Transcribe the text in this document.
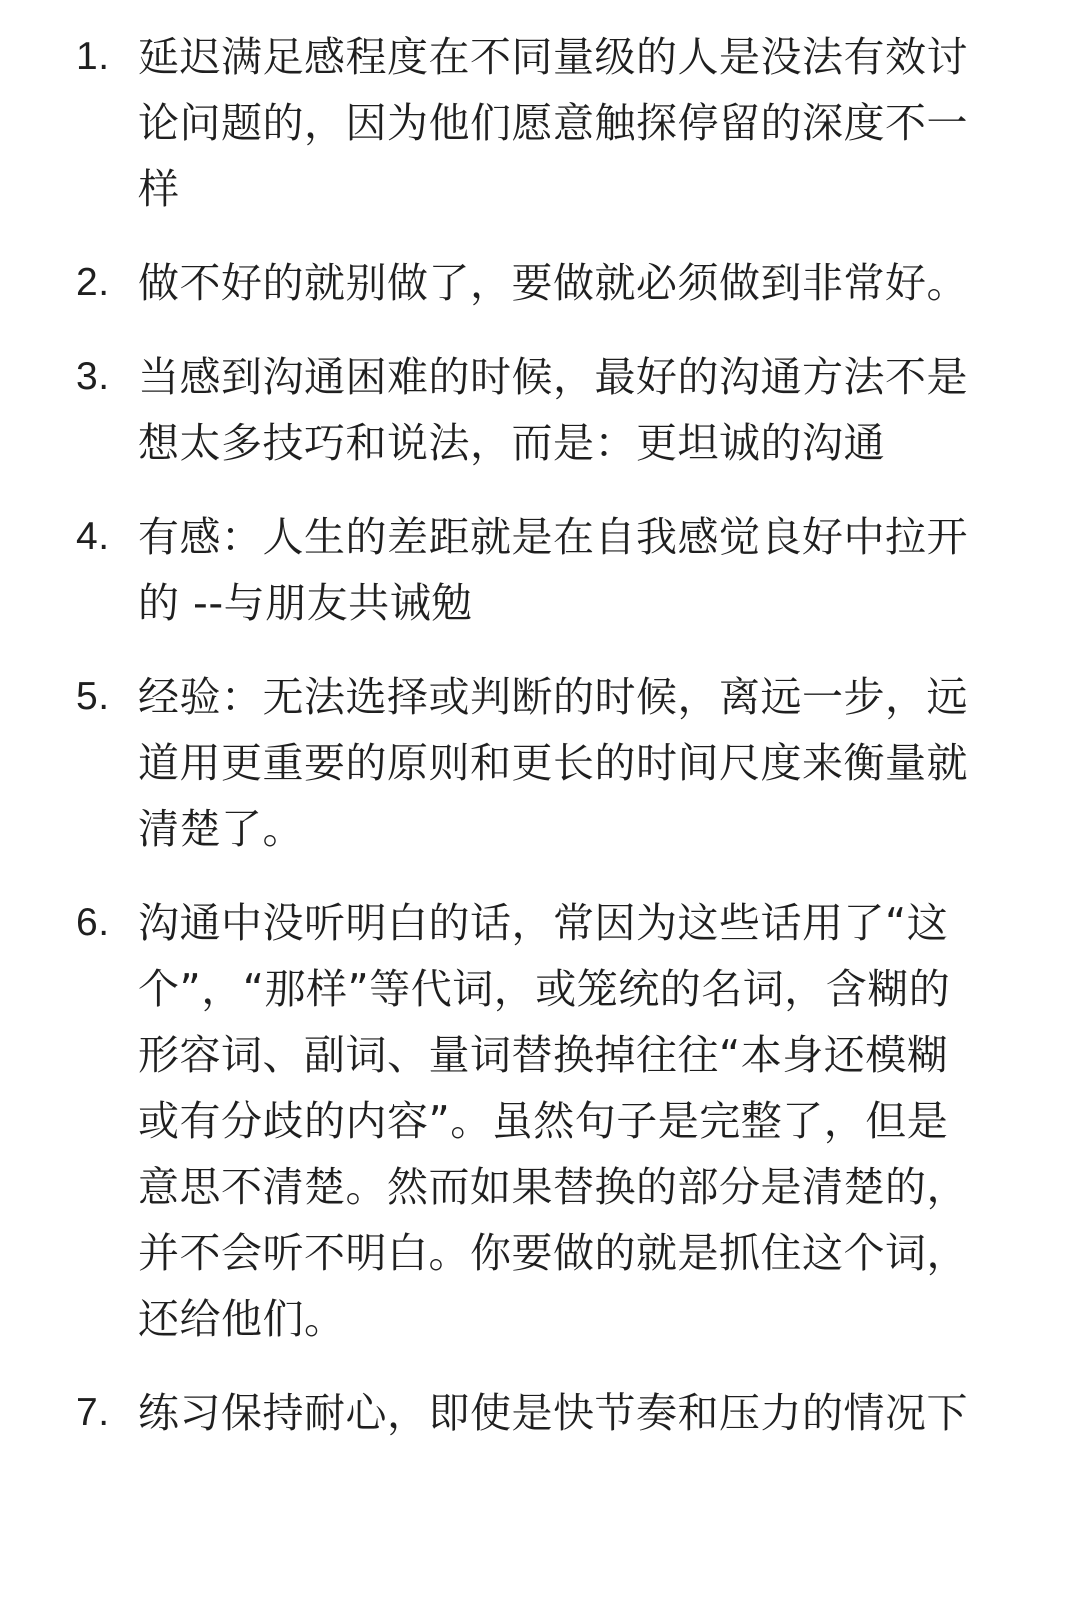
1. 延迟满足感程度在不同量级的人是没法有效讨论问题的，因为他们愿意触探停留的深度不一样
2. 做不好的就别做了，要做就必须做到非常好。
3. 当感到沟通困难的时候，最好的沟通方法不是想太多技巧和说法，而是：更坦诚的沟通
4. 有感：人生的差距就是在自我感觉良好中拉开的 --与朋友共诫勉
5. 经验：无法选择或判断的时候，离远一步，远道用更重要的原则和更长的时间尺度来衡量就清楚了。
6. 沟通中没听明白的话，常因为这些话用了“这个”，“那样”等代词，或笼统的名词，含糊的形容词、副词、量词替换掉往往“本身还模糊或有分歧的内容”。虽然句子是完整了，但是意思不清楚。然而如果替换的部分是清楚的，并不会听不明白。你要做的就是抓住这个词，还给他们。
7. 练习保持耐心，即使是快节奏和压力的情况下
